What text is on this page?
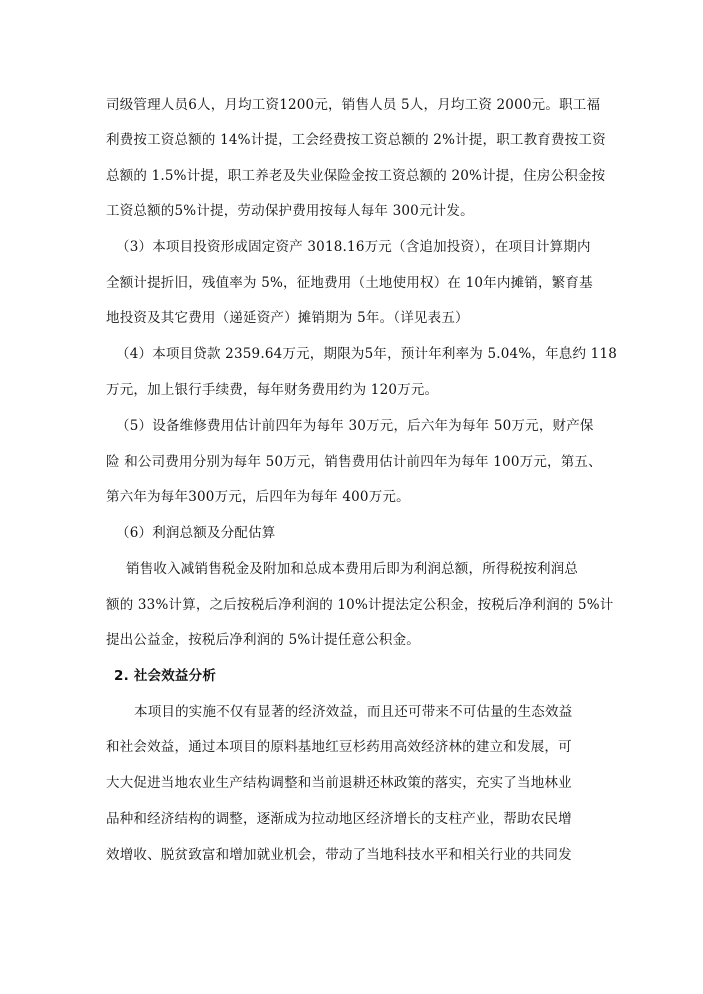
司级管理人员6人，月均工资1200元，销售人员 5人，月均工资 2000元。职工福
利费按工资总额的 14%计提，工会经费按工资总额的 2%计提，职工教育费按工资
总额的 1.5%计提，职工养老及失业保险金按工资总额的 20%计提，住房公积金按
工资总额的5%计提，劳动保护费用按每人每年 300元计发。
（3）本项目投资形成固定资产 3018.16万元（含追加投资），在项目计算期内
全额计提折旧，残值率为 5%，征地费用（土地使用权）在 10年内摊销，繁育基
地投资及其它费用（递延资产）摊销期为 5年。（详见表五）
（4）本项目贷款 2359.64万元，期限为5年，预计年利率为 5.04%，年息约 118
万元，加上银行手续费，每年财务费用约为 120万元。
（5）设备维修费用估计前四年为每年 30万元，后六年为每年 50万元，财产保
险 和公司费用分别为每年 50万元，销售费用估计前四年为每年 100万元，第五、
第六年为每年300万元，后四年为每年 400万元。
（6）利润总额及分配估算
销售收入减销售税金及附加和总成本费用后即为利润总额，所得税按利润总
额的 33%计算，之后按税后净利润的 10%计提法定公积金，按税后净利润的 5%计
提出公益金，按税后净利润的 5%计提任意公积金。
2. 社会效益分析
本项目的实施不仅有显著的经济效益，而且还可带来不可估量的生态效益
和社会效益，通过本项目的原料基地红豆杉药用高效经济林的建立和发展，可
大大促进当地农业生产结构调整和当前退耕还林政策的落实，充实了当地林业
品种和经济结构的调整，逐渐成为拉动地区经济增长的支柱产业，帮助农民增
效增收、脱贫致富和增加就业机会，带动了当地科技水平和相关行业的共同发
